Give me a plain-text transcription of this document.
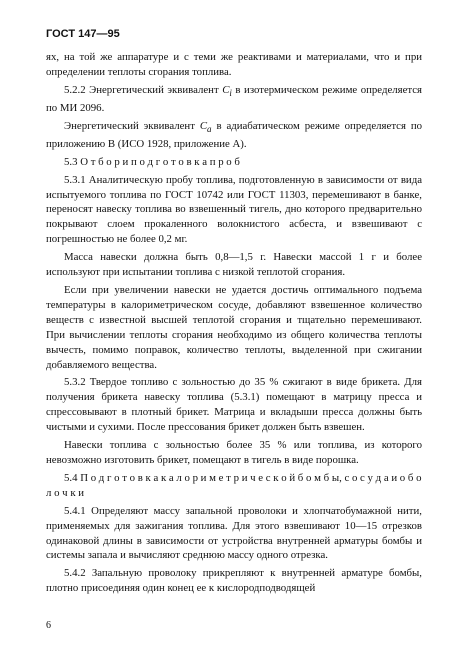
ГОСТ 147—95

ях, на той же аппаратуре и с теми же реактивами и материалами, что и при определении теплоты сгорания топлива.

5.2.2 Энергетический эквивалент $C_i$ в изотермическом режиме определяется по МИ 2096.

Энергетический эквивалент $C_a$ в адиабатическом режиме определяется по приложению В (ИСО 1928, приложение А).

5.3 О т б о р и п о д г о т о в к а п р о б

5.3.1 Аналитическую пробу топлива, подготовленную в зависимости от вида испытуемого топлива по ГОСТ 10742 или ГОСТ 11303, перемешивают в банке, переносят навеску топлива во взвешенный тигель, дно которого предварительно покрывают слоем прокаленного волокнистого асбеста, и взвешивают с погрешностью не более 0,2 мг.

Масса навески должна быть 0,8—1,5 г. Навески массой 1 г и более используют при испытании топлива с низкой теплотой сгорания.

Если при увеличении навески не удается достичь оптимального подъема температуры в калориметрическом сосуде, добавляют взвешенное количество веществ с известной высшей теплотой сгорания и тщательно перемешивают. При вычислении теплоты сгорания необходимо из общего количества теплоты вычесть, помимо поправок, количество теплоты, выделенной при сжигании добавляемого вещества.

5.3.2 Твердое топливо с зольностью до 35 % сжигают в виде брикета. Для получения брикета навеску топлива (5.3.1) помещают в матрицу пресса и спрессовывают в плотный брикет. Матрица и вкладыши пресса должны быть чистыми и сухими. После прессования брикет должен быть взвешен.

Навески топлива с зольностью более 35 % или топлива, из которого невозможно изготовить брикет, помещают в тигель в виде порошка.

5.4 П о д г о т о в к а к а л о р и м е т р и ч е с к о й б о м б ы, с о с у д а и о б о л о ч к и

5.4.1 Определяют массу запальной проволоки и хлопчатобумажной нити, применяемых для зажигания топлива. Для этого взвешивают 10—15 отрезков одинаковой длины в зависимости от устройства внутренней арматуры бомбы и системы запала и вычисляют среднюю массу одного отрезка.

5.4.2 Запальную проволоку прикрепляют к внутренней арматуре бомбы, плотно присоединяя один конец ее к кислородподводящей

6
